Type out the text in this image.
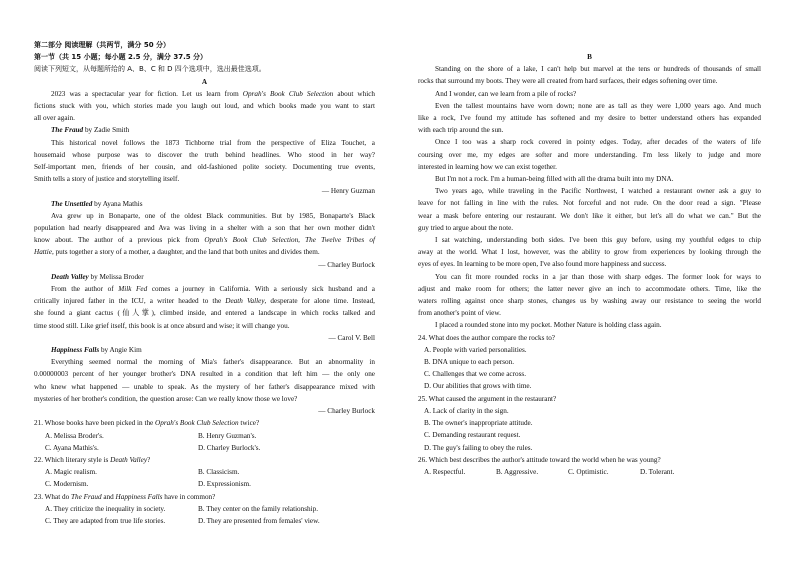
第二部分 阅读理解（共两节，满分 50 分）
第一节（共 15 小题；每小题 2.5 分，满分 37.5 分）
阅读下列短文，从每题所给的 A、B、C 和 D 四个选项中，选出最佳选项。
A
2023 was a spectacular year for fiction. Let us learn from Oprah's Book Club Selection about which
fictions stuck with you, which stories made you laugh out loud, and which books made you want to start
all over again.
The Fraud by Zadie Smith
This historical novel follows the 1873 Tichborne trial from the perspective of Eliza Touchet, a
housemaid whose purpose was to discover the truth behind headlines. Who stood in her way?
Self-important men, friends of her cousin, and old-fashioned polite society. Documenting true events,
Smith tells a story of justice and storytelling itself.
— Henry Guzman
The Unsettled by Ayana Mathis
Ava grew up in Bonaparte, one of the oldest Black communities. But by 1985, Bonaparte's Black
population had nearly disappeared and Ava was living in a shelter with a son that her own mother didn't
know about. The author of a previous pick from Oprah's Book Club Selection, The Twelve Tribes of
Hattie, puts together a story of a mother, a daughter, and the land that both unites and divides them.
— Charley Burlock
Death Valley by Melissa Broder
From the author of Milk Fed comes a journey in California. With a seriously sick husband and a
critically injured father in the ICU, a writer headed to the Death Valley, desperate for alone time. Instead,
she found a giant cactus (仙人掌), climbed inside, and entered a landscape in which rocks talked and
time stood still. Like grief itself, this book is at once absurd and wise; it will change you.
— Carol V. Bell
Happiness Falls by Angie Kim
Everything seemed normal the morning of Mia's father's disappearance. But an abnormality in
0.00000003 percent of her younger brother's DNA resulted in a condition that left him — the only one
who knew what happened — unable to speak. As the mystery of her father's disappearance mixed with
mysteries of her brother's condition, the question arose: Can we really know those we love?
— Charley Burlock
21. Whose books have been picked in the Oprah's Book Club Selection twice?
A. Melissa Broder's.	B. Henry Guzman's.
C. Ayana Mathis's.	D. Charley Burlock's.
22. Which literary style is Death Valley?
A. Magic realism.	B. Classicism.
C. Modernism.	D. Expressionism.
23. What do The Fraud and Happiness Falls have in common?
A. They criticize the inequality in society.	B. They center on the family relationship.
C. They are adapted from true life stories.	D. They are presented from females' view.
B
Standing on the shore of a lake, I can't help but marvel at the tens or hundreds of thousands of small
rocks that surround my boots. They were all created from hard surfaces, their edges softening over time.
And I wonder, can we learn from a pile of rocks?
Even the tallest mountains have worn down; none are as tall as they were 1,000 years ago. And much
like a rock, I've found my attitude has softened and my desire to better understand others has expanded
with each trip around the sun.
Once I too was a sharp rock covered in pointy edges. Today, after decades of the waters of life
coursing over me, my edges are softer and more understanding. I'm less likely to judge and more
interested in learning how we can exist together.
But I'm not a rock. I'm a human-being filled with all the drama built into my DNA.
Two years ago, while traveling in the Pacific Northwest, I watched a restaurant owner ask a guy to
leave for not falling in line with the rules. Not forceful and not rude. On the door read a sign. "Please
wear a mask before entering our restaurant. We don't like it either, but let's all do what we can." But the
guy tried to argue about the note.
I sat watching, understanding both sides. I've been this guy before, using my youthful edges to chip
away at the world. What I lost, however, was the ability to grow from experiences by looking through the
eyes of eyes. In learning to be more open, I've also found more happiness and success.
You can fit more rounded rocks in a jar than those with sharp edges. The former look for ways to
adjust and make room for others; the latter never give an inch to accommodate others. Time, like the
waters rolling against once sharp stones, changes us by washing away our resistance to seeing the world
from another's point of view.
I placed a rounded stone into my pocket. Mother Nature is holding class again.
24. What does the author compare the rocks to?
A. People with varied personalities.
B. DNA unique to each person.
C. Challenges that we come across.
D. Our abilities that grows with time.
25. What caused the argument in the restaurant?
A. Lack of clarity in the sign.
B. The owner's inappropriate attitude.
C. Demanding restaurant request.
D. The guy's failing to obey the rules.
26. Which best describes the author's attitude toward the world when he was young?
A. Respectful.	B. Aggressive.	C. Optimistic.	D. Tolerant.
